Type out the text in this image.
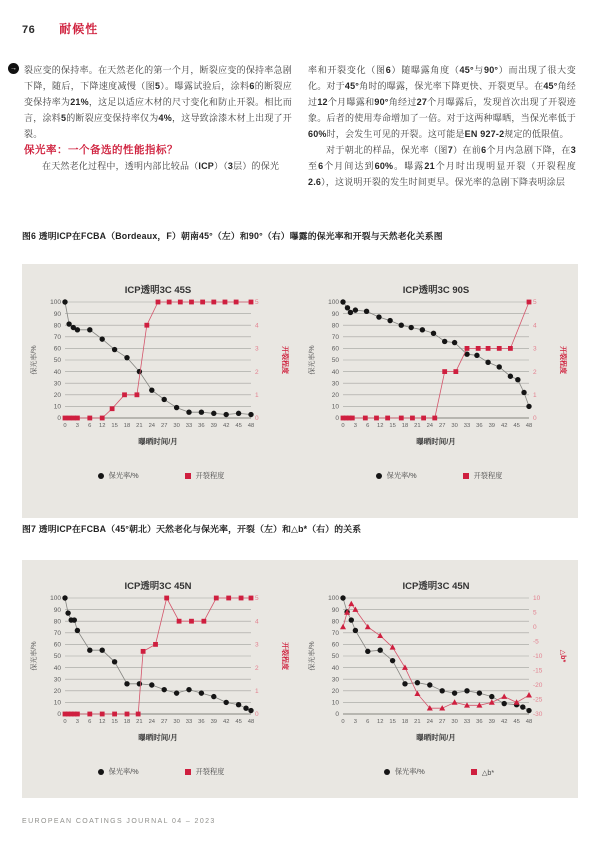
76 耐候性
→ 裂应变的保持率。在天然老化的第一个月，断裂应变的保持率急剧下降，随后，下降速度减慢（图5）。曝露试验后，涂料6的断裂应变保持率为21%，这足以适应木材的尺寸变化和防止开裂。相比而言，涂料5的断裂应变保持率仅为4%，这导致涂漆木材上出现了开裂。

保光率：一个备选的性能指标？

在天然老化过程中，透明内部比较品（ICP）（3层）的保光

率和开裂变化（图6）随曝露角度（45°与90°）而出现了很大变化。对于45°角时的曝露，保光率下降更快、开裂更早。在45°角经过12个月曝露和90°角经过27个月曝露后，发现首次出现了开裂迹象。后者的使用寿命增加了一倍。对于这两种曝晒，当保光率低于60%时，会发生可见的开裂。这可能是EN 927-2规定的低限值。

对于朝北的样品，保光率（图7）在前6个月内急剧下降，在3至6个月间达到60%。曝露21个月时出现明显开裂（开裂程度2.6），这说明开裂的发生时间更早。保光率的急剧下降表明涂层

图6 透明ICP在FCBA（Bordeaux，F）朝南45°（左）和90°（右）曝露的保光率和开裂与天然老化关系图
ICP透明3C 45S
0
10
20
30
40
50
60
70
80
90
100
0
1
2
3
4
5
0 3 6 12 15 18 21 24 27 30 33 36 39 42 45 48
保光率/%	开裂程度
曝晒时间/月
保光率/%	开裂程度
ICP透明3C 90S
0
10
20
30
40
50
60
70
80
90
100
0
1
2
3
4
5
0 3 6 12 15 18 21 24 27 30 33 36 39 42 45 48
保光率/%	开裂程度
曝晒时间/月
保光率/%	开裂程度
图7 透明ICP在FCBA（45°朝北）天然老化与保光率，开裂（左）和△b*（右）的关系
ICP透明3C 45N
0
10
20
30
40
50
60
70
80
90
100
0
1
2
3
4
5
0 3 6 12 15 18 21 24 27 30 33 36 39 42 45 48
保光率/%	开裂程度
曝晒时间/月
保光率/%	开裂程度
ICP透明3C 45N
0
10
20
30
40
50
60
70
80
90
100
-30
-25
-20
-15
-10
-5
0
5
10
0 3 6 12 15 18 21 24 27 30 33 36 39 42 45 48
保光率/%	△b*
曝晒时间/月
保光率/%	△b*
EUROPEAN COATINGS JOURNAL 04 – 2023
